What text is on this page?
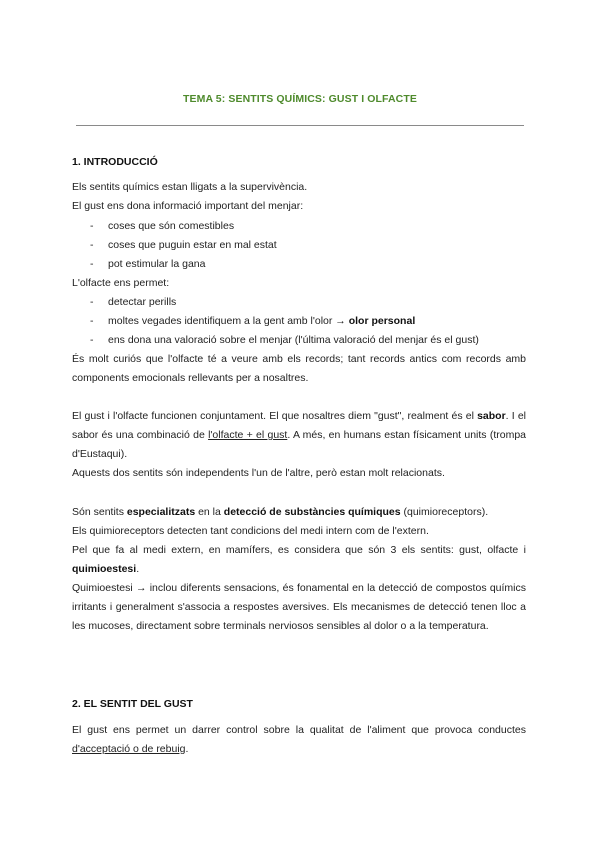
TEMA 5: SENTITS QUÍMICS: GUST I OLFACTE
1. INTRODUCCIÓ
Els sentits químics estan lligats a la supervivència.
El gust ens dona informació important del menjar:
- coses que són comestibles
- coses que puguin estar en mal estat
- pot estimular la gana
L'olfacte ens permet:
- detectar perills
- moltes vegades identifiquem a la gent amb l'olor → olor personal
- ens dona una valoració sobre el menjar (l'última valoració del menjar és el gust)
És molt curiós que l'olfacte té a veure amb els records; tant records antics com records amb components emocionals rellevants per a nosaltres.
El gust i l'olfacte funcionen conjuntament. El que nosaltres diem "gust", realment és el sabor. I el sabor és una combinació de l'olfacte + el gust. A més, en humans estan físicament units (trompa d'Eustaqui).
Aquests dos sentits són independents l'un de l'altre, però estan molt relacionats.
Són sentits especialitzats en la detecció de substàncies químiques (quimioreceptors).
Els quimioreceptors detecten tant condicions del medi intern com de l'extern.
Pel que fa al medi extern, en mamífers, es considera que són 3 els sentits: gust, olfacte i quimioestesi.
Quimioestesi → inclou diferents sensacions, és fonamental en la detecció de compostos químics irritants i generalment s'associa a respostes aversives. Els mecanismes de detecció tenen lloc a les mucoses, directament sobre terminals nerviosos sensibles al dolor o a la temperatura.
2. EL SENTIT DEL GUST
El gust ens permet un darrer control sobre la qualitat de l'aliment que provoca conductes d'acceptació o de rebuig.
